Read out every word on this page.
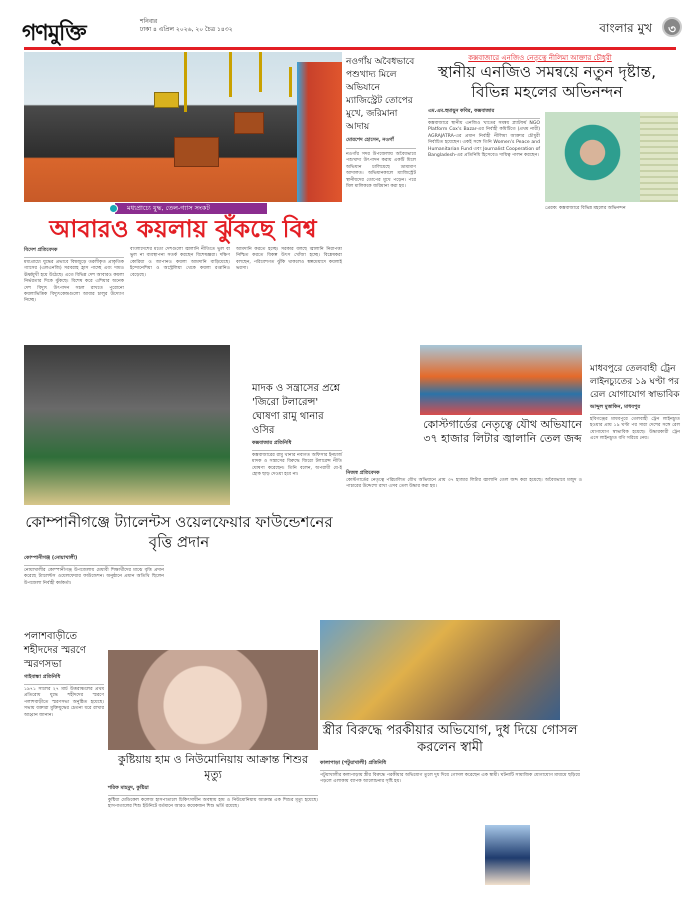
গণমুক্তি	শনিবার
ঢাকা ৪ এপ্রিল ২০২৬, ২০ চৈত্র ১৪৩২	বাংলার মুখ	৩
মধ্যপ্রাচ্যে যুদ্ধ, তেল-গ্যাস সংকট
আবারও কয়লায় ঝুঁকছে বিশ্ব
বিদেশ প্রতিবেদক
মধ্যপ্রাচ্যে যুদ্ধের প্রভাবে বিশ্বজুড়ে তরলীকৃত প্রাকৃতিক গ্যাসের (এলএনজি) সরবরাহ হ্রাস পাচ্ছে এবং দামও ঊর্ধ্বমুখী হয়ে উঠেছে। এতে বিভিন্ন দেশ আবারও কয়লা নির্ভরতার দিকে ঝুঁকছে। বিশেষ করে এশিয়ার অনেক দেশ বিদ্যুৎ উৎপাদন সচল রাখতে পুরোনো কয়লাভিত্তিক বিদ্যুৎকেন্দ্রগুলো আবার চালুর উদ্যোগ নিচ্ছে।
বাংলাদেশের মতো দেশগুলো জ্বালানি নীতিতে ভুল বা ভুল না ব্যবস্থাপনা সতর্ক করছেন বিশেষজ্ঞরা। দক্ষিণ কোরিয়া ও জাপানও কয়লা আমদানি বাড়িয়েছে। ইন্দোনেশিয়া ও অস্ট্রেলিয়া থেকে কয়লা রপ্তানিও বেড়েছে।
আমদানি করতে হচ্ছে। সরকার বলছে জ্বালানি নিরাপত্তা নিশ্চিত করতে বিকল্প উৎস খোঁজা হচ্ছে। বিশ্লেষকরা বলছেন, পরিবেশগত ঝুঁকি থাকলেও স্বল্পমেয়াদে কয়লাই ভরসা।
নওগাঁয় অবৈধভাবে পশুখাদ্য মিলে অভিযানে ম্যাজিস্ট্রেট তোপের মুখে, জরিমানা আদায়
মোরশেদ হোসেন, নওগাঁ
নওগাঁর সদর উপজেলায় অবৈধভাবে পশুখাদ্য উৎপাদন করায় একটি মিলে অভিযান চালিয়েছে ভ্রাম্যমাণ আদালত। অভিযানকালে ম্যাজিস্ট্রেট স্থানীয়দের তোপের মুখে পড়েন। পরে মিল মালিককে জরিমানা করা হয়।
কক্সবাজারে এনজিও নেতৃত্বে নীলিমা আক্তার চৌধুরী
স্থানীয় এনজিও সমন্বয়ে নতুন দৃষ্টান্ত, বিভিন্ন মহলের অভিনন্দন
এম.এম.হুমায়ুন কবির, কক্সবাজার
কক্সবাজারে স্থানীয় এনজিও খাতের সমন্বয় প্ল্যাটফর্ম NGO Platform Cox's Bazar-এর নির্বাহী কমিটিতে (প্রথম নারী) AGRAJATRA-এর প্রধান নির্বাহী নীলিমা আক্তার চৌধুরী নির্বাচিত হয়েছেন। একই সঙ্গে তিনি Women's Peace and Humanitarian Fund এবং Journalist Cooperation of Bangladesh-এর প্রতিনিধি হিসেবেও দায়িত্ব পালন করছেন।
প্রেরক: কক্সবাজারে বিভিন্ন মহলের অভিনন্দন
মাদক ও সন্ত্রাসের প্রশ্নে 'জিরো টলারেন্স' ঘোষণা রামু থানার ওসির
কক্সবাজার প্রতিনিধি
কক্সবাজারের রামু থানার নবাগত অফিসার ইনচার্জ মাদক ও সন্ত্রাসের বিরুদ্ধে জিরো টলারেন্স নীতি ঘোষণা করেছেন। তিনি বলেন, অপরাধী যে-ই হোক ছাড় দেওয়া হবে না।
কোম্পানীগঞ্জে ট্যালেন্টস ওয়েলফেয়ার ফাউন্ডেশনের বৃত্তি প্রদান
কোম্পানীগঞ্জ (নোয়াখালী)
নোয়াখালীর কোম্পানীগঞ্জ উপজেলায় মেধাবী শিক্ষার্থীদের মাঝে বৃত্তি প্রদান করেছে ট্যালেন্টস ওয়েলফেয়ার ফাউন্ডেশন। অনুষ্ঠানে প্রধান অতিথি ছিলেন উপজেলা নির্বাহী কর্মকর্তা।
কোস্টগার্ডের নেতৃত্বে যৌথ অভিযানে ৩৭ হাজার লিটার জ্বালানি তেল জব্দ
নিজস্ব প্রতিবেদক
কোস্টগার্ডের নেতৃত্বে পরিচালিত যৌথ অভিযানে প্রায় ৩৭ হাজার লিটার জ্বালানি তেল জব্দ করা হয়েছে। অবৈধভাবে মজুদ ও পাচারের উদ্দেশ্যে রাখা এসব তেল উদ্ধার করা হয়।
মাধবপুরে তেলবাহী ট্রেন লাইনচ্যুতের ১৯ ঘণ্টা পর রেল যোগাযোগ স্বাভাবিক
আব্দুল মুত্তাকিন, মাধবপুর
হবিগঞ্জের মাধবপুরে তেলবাহী ট্রেন লাইনচ্যুত হওয়ার প্রায় ১৯ ঘণ্টা পর সারা দেশের সঙ্গে রেল যোগাযোগ স্বাভাবিক হয়েছে। উদ্ধারকারী ট্রেন এসে লাইনচ্যুত বগি সরিয়ে নেয়।
পলাশবাড়ীতে শহীদদের স্মরণে স্মরণসভা
গাইবান্ধা প্রতিনিধি
১৯৭১ সালের ২৭ মার্চ উত্তরাঞ্চলের প্রথম প্রতিরোধ যুদ্ধে শহীদদের স্মরণে পলাশবাড়ীতে স্মরণসভা অনুষ্ঠিত হয়েছে। সভায় বক্তারা মুক্তিযুদ্ধের চেতনা ধরে রাখার আহ্বান জানান।
কুষ্টিয়ায় হাম ও নিউমোনিয়ায় আক্রান্ত শিশুর মৃত্যু
শরিফ মাহমুদ, কুষ্টিয়া
কুষ্টিয়া মেডিকেল কলেজ হাসপাতালে চিকিৎসাধীন অবস্থায় হাম ও নিউমোনিয়ায় আক্রান্ত এক শিশুর মৃত্যু হয়েছে। হাসপাতালের শিশু ইউনিটে বর্তমানে আরও কয়েকজন শিশু ভর্তি রয়েছে।
স্ত্রীর বিরুদ্ধে পরকীয়ার অভিযোগ, দুধ দিয়ে গোসল করলেন স্বামী
কালাপাড়া (পটুয়াখালী) প্রতিনিধি
পটুয়াখালীর কলাপাড়ায় স্ত্রীর বিরুদ্ধে পরকীয়ার অভিযোগ তুলে দুধ দিয়ে গোসল করেছেন এক স্বামী। ঘটনাটি সামাজিক যোগাযোগ মাধ্যমে ছড়িয়ে পড়লে এলাকায় ব্যাপক আলোচনার সৃষ্টি হয়।
